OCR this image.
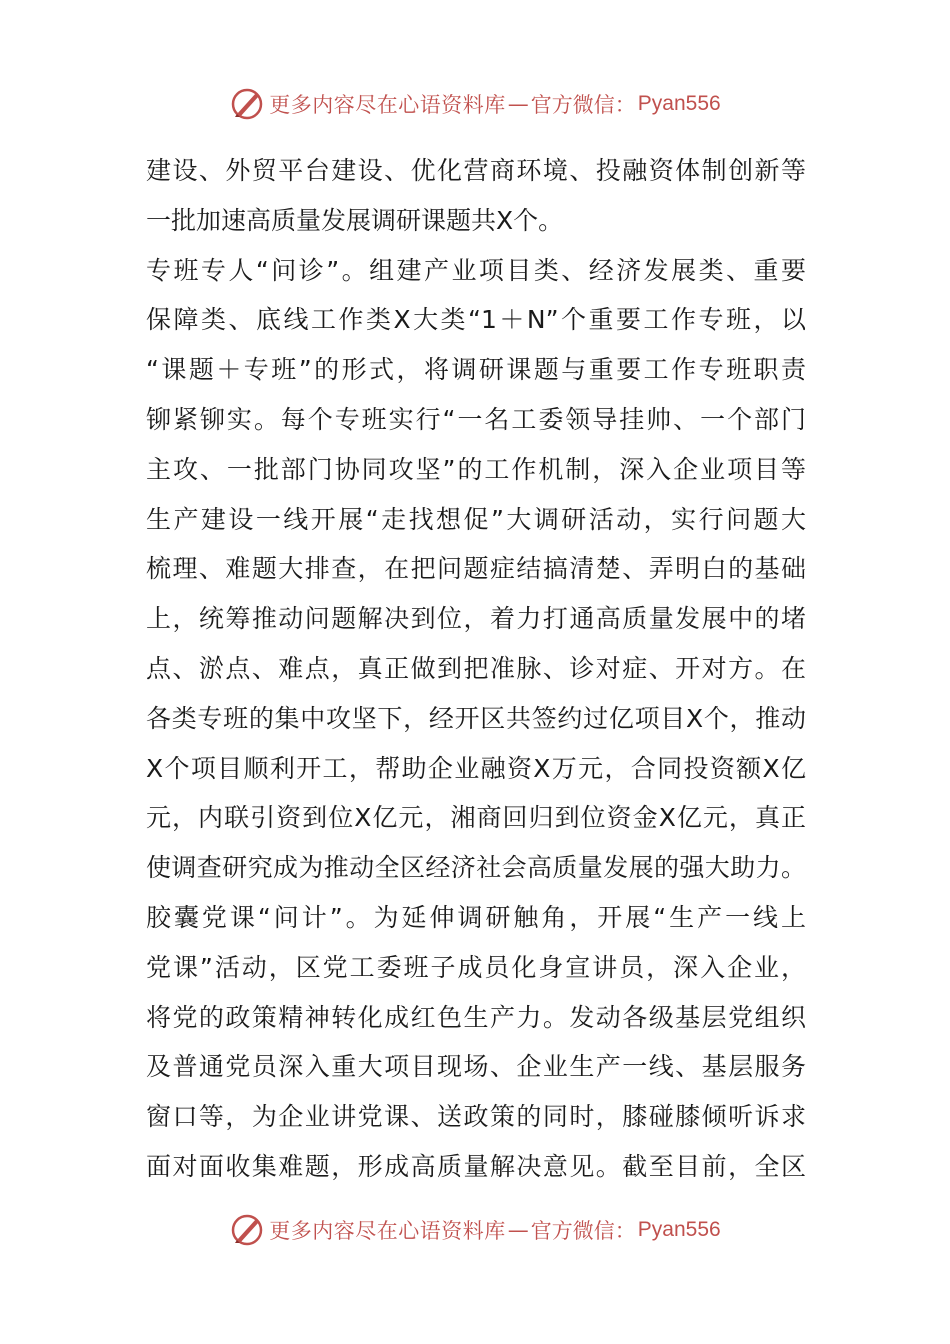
更多内容尽在心语资料库 — 官方微信： Pyan556
建设、外贸平台建设、优化营商环境、投融资体制创新等
一批加速高质量发展调研课题共X个。
专班专人“问诊”。组建产业项目类、经济发展类、重要
保障类、底线工作类X大类“1＋N”个重要工作专班，以
“课题＋专班”的形式，将调研课题与重要工作专班职责
铆紧铆实。每个专班实行“一名工委领导挂帅、一个部门
主攻、一批部门协同攻坚”的工作机制，深入企业项目等
生产建设一线开展“走找想促”大调研活动，实行问题大
梳理、难题大排查，在把问题症结搞清楚、弄明白的基础
上，统筹推动问题解决到位，着力打通高质量发展中的堵
点、淤点、难点，真正做到把准脉、诊对症、开对方。在
各类专班的集中攻坚下，经开区共签约过亿项目X个，推动
X个项目顺利开工，帮助企业融资X万元，合同投资额X亿
元，内联引资到位X亿元，湘商回归到位资金X亿元，真正
使调查研究成为推动全区经济社会高质量发展的强大助力。
胶囊党课“问计”。为延伸调研触角，开展“生产一线上
党课”活动，区党工委班子成员化身宣讲员，深入企业，
将党的政策精神转化成红色生产力。发动各级基层党组织
及普通党员深入重大项目现场、企业生产一线、基层服务
窗口等，为企业讲党课、送政策的同时，膝碰膝倾听诉求
面对面收集难题，形成高质量解决意见。截至目前，全区
更多内容尽在心语资料库 — 官方微信： Pyan556
